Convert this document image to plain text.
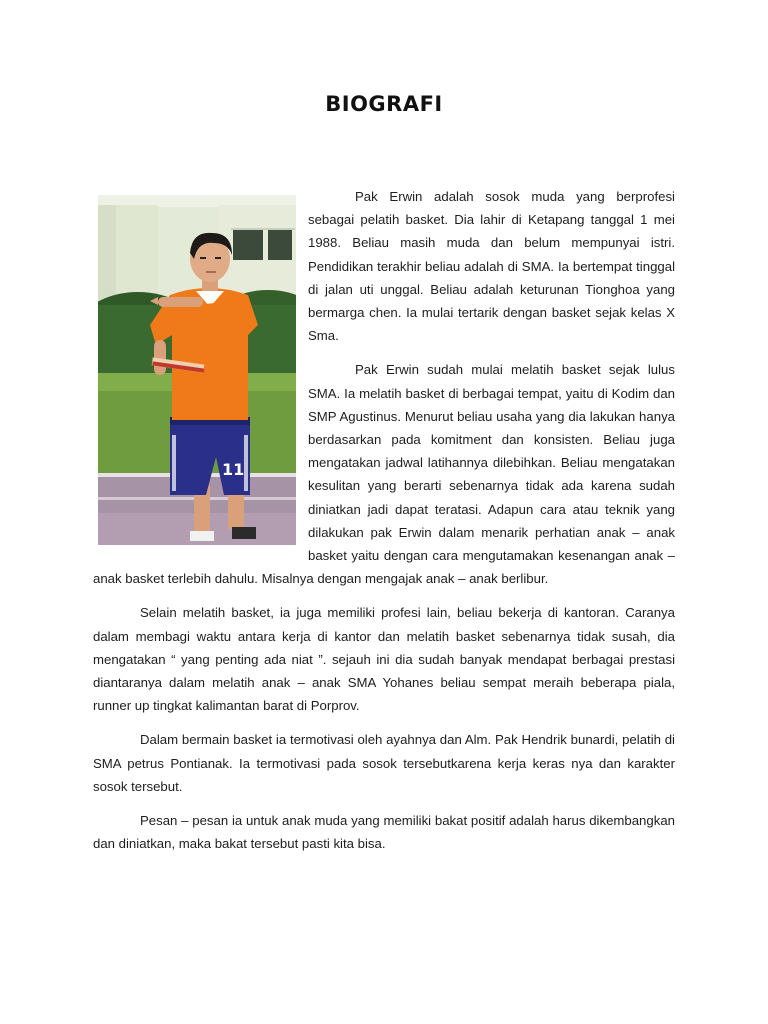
BIOGRAFI
11

Pak Erwin adalah sosok muda yang berprofesi sebagai pelatih basket. Dia lahir di Ketapang tanggal 1 mei 1988. Beliau masih muda dan belum mempunyai istri. Pendidikan terakhir beliau adalah di SMA. Ia bertempat tinggal di jalan uti unggal. Beliau adalah keturunan Tionghoa yang bermarga chen. Ia mulai tertarik dengan basket sejak kelas X Sma.

Pak Erwin sudah mulai melatih basket sejak lulus SMA. Ia melatih basket di berbagai tempat, yaitu di Kodim dan SMP Agustinus. Menurut beliau usaha yang dia lakukan hanya berdasarkan pada komitment dan konsisten. Beliau juga mengatakan jadwal latihannya dilebihkan. Beliau mengatakan kesulitan yang berarti sebenarnya tidak ada karena sudah diniatkan jadi dapat teratasi. Adapun cara atau teknik yang dilakukan pak Erwin dalam menarik perhatian anak – anak basket yaitu dengan cara mengutamakan kesenangan anak – anak basket terlebih dahulu. Misalnya dengan mengajak anak – anak berlibur.

Selain melatih basket, ia juga memiliki profesi lain, beliau bekerja di kantoran. Caranya dalam membagi waktu antara kerja di kantor dan melatih basket sebenarnya tidak susah, dia mengatakan “ yang penting ada niat ”. sejauh ini dia sudah banyak mendapat berbagai prestasi diantaranya dalam melatih anak – anak SMA Yohanes beliau sempat meraih beberapa piala, runner up tingkat kalimantan barat di Porprov.

Dalam bermain basket ia termotivasi oleh ayahnya dan Alm. Pak Hendrik bunardi, pelatih di SMA petrus Pontianak. Ia termotivasi pada sosok tersebutkarena kerja keras nya dan karakter sosok tersebut.

Pesan – pesan ia untuk anak muda yang memiliki bakat positif adalah harus dikembangkan dan diniatkan, maka bakat tersebut pasti kita bisa.
